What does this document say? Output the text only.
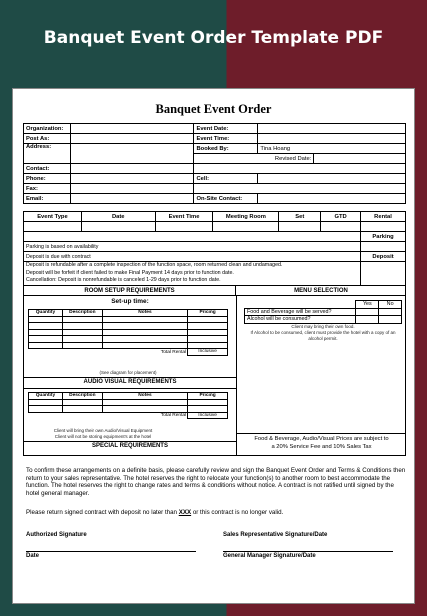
Banquet Event Order Template PDF
Banquet Event Order
Organization:		Event Date:		
Post As:		Event Time:		
Address:		Booked By:	Tina Hoang	
			Revised Date:	
Contact:				
Phone:		Cell:		
Fax:				
Email:		On-Site Contact:		
Event Type	Date	Event Time	Meeting Room	Set	GTD	Rental

						Parking
Parking is based on availability						
Deposit is due with contract						Deposit

Deposit is refundable after a complete inspection of the function space, room returned clean and undamaged.
Deposit will be forfeit if client failed to make Final Payment 14 days prior to function date.
Cancellation: Deposit is nonrefundable is canceled 1-29 days prior to function date.						

ROOM SETUP REQUIREMENTS	MENU SELECTION
Set-up time:
Quantity	Description	Notes	Pricing

Total Rental			Inclusive
(See diagram for placement)
AUDIO VISUAL REQUIREMENTS
Quantity	Description	Notes	Pricing

Total Rental			Inclusive
Client will bring their own Audio/Visual Equipment
Client will not be storing equipment's at the hotel
SPECIAL REQUIREMENTS
	Yes	No
Food and Beverage will be served?		
Alcohol will be consumed?		
Client may bring their own food.
If Alcohol to be consumed, client must provide the hotel with a copy of an alcohol permit.
Food & Beverage, Audio/Visual Prices are subject to
a 20% Service Fee and 10% Sales Tax
To confirm these arrangements on a definite basis, please carefully review and sign the Banquet Event Order and Terms & Conditions then return to your sales representative. The hotel reserves the right to relocate your function(s) to another room to best accommodate the function. The hotel reserves the right to change rates and terms & conditions without notice. A contract is not ratified until signed by the hotel general manager.
Please return signed contract with deposit no later than XXX or this contract is no longer valid.
Authorized Signature	Sales Representative Signature/Date
Date	General Manager Signature/Date
